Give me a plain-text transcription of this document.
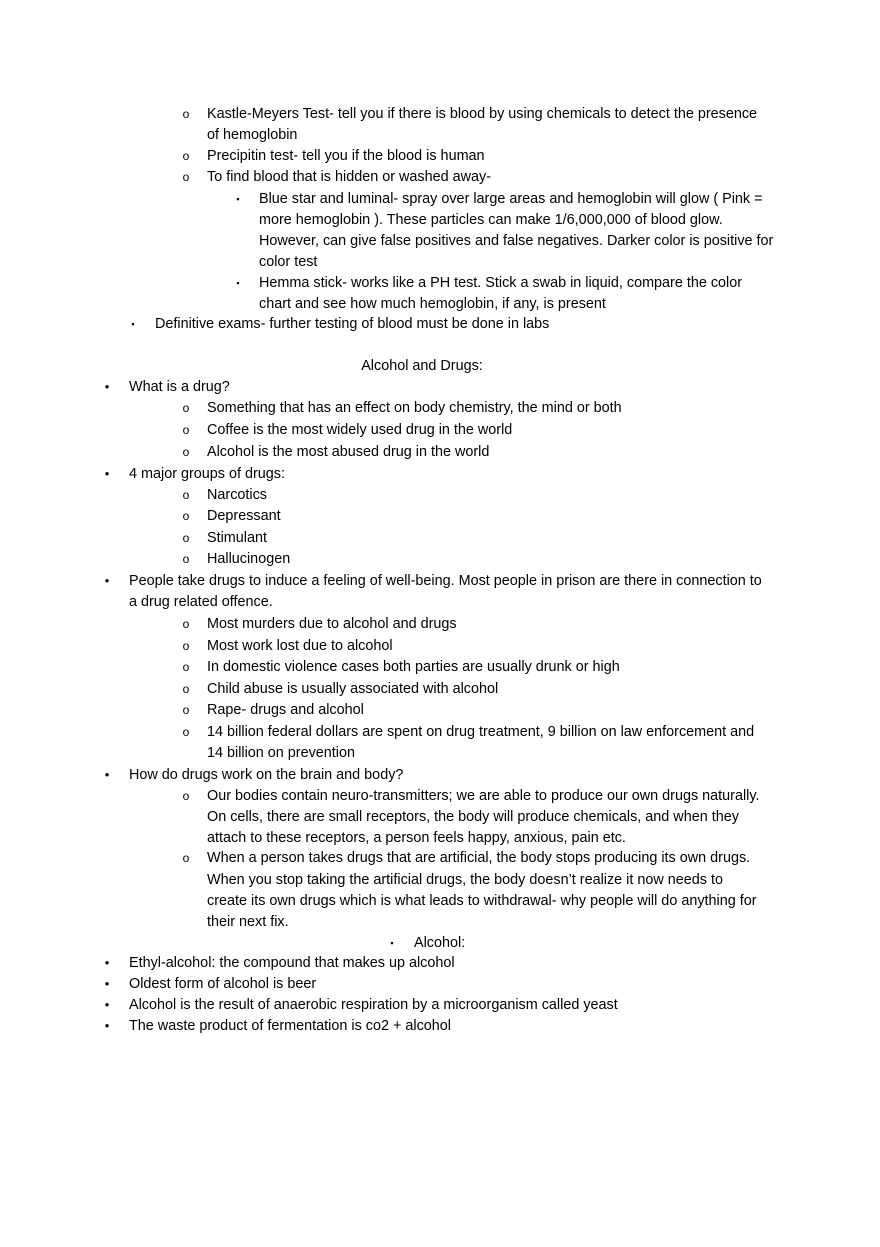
o Kastle-Meyers Test- tell you if there is blood by using chemicals to detect the presence
of hemoglobin
o Precipitin test- tell you if the blood is human
o To find blood that is hidden or washed away-
▪	Blue star and luminal- spray over large areas and hemoglobin will glow ( Pink =
more hemoglobin ). These particles can make 1/6,000,000 of blood glow.
However, can give false positives and false negatives. Darker color is positive for
color test
▪	Hemma stick- works like a PH test. Stick a swab in liquid, compare the color
chart and see how much hemoglobin, if any, is present
▪	Definitive exams- further testing of blood must be done in labs
Alcohol and Drugs:
• What is a drug?
o Something that has an effect on body chemistry, the mind or both
o Coffee is the most widely used drug in the world
o Alcohol is the most abused drug in the world
• 4 major groups of drugs:
o Narcotics
o Depressant
o Stimulant
o Hallucinogen
• People take drugs to induce a feeling of well-being. Most people in prison are there in connection to
a drug related offence.
o Most murders due to alcohol and drugs
o Most work lost due to alcohol
o In domestic violence cases both parties are usually drunk or high
o Child abuse is usually associated with alcohol
o Rape- drugs and alcohol
o 14 billion federal dollars are spent on drug treatment, 9 billion on law enforcement and
14 billion on prevention
• How do drugs work on the brain and body?
o Our bodies contain neuro-transmitters; we are able to produce our own drugs naturally.
On cells, there are small receptors, the body will produce chemicals, and when they
attach to these receptors, a person feels happy, anxious, pain etc.
o When a person takes drugs that are artificial, the body stops producing its own drugs.
When you stop taking the artificial drugs, the body doesn’t realize it now needs to
create its own drugs which is what leads to withdrawal- why people will do anything for
their next fix.
▪	Alcohol:
• Ethyl-alcohol: the compound that makes up alcohol
• Oldest form of alcohol is beer
• Alcohol is the result of anaerobic respiration by a microorganism called yeast
• The waste product of fermentation is co2 + alcohol
